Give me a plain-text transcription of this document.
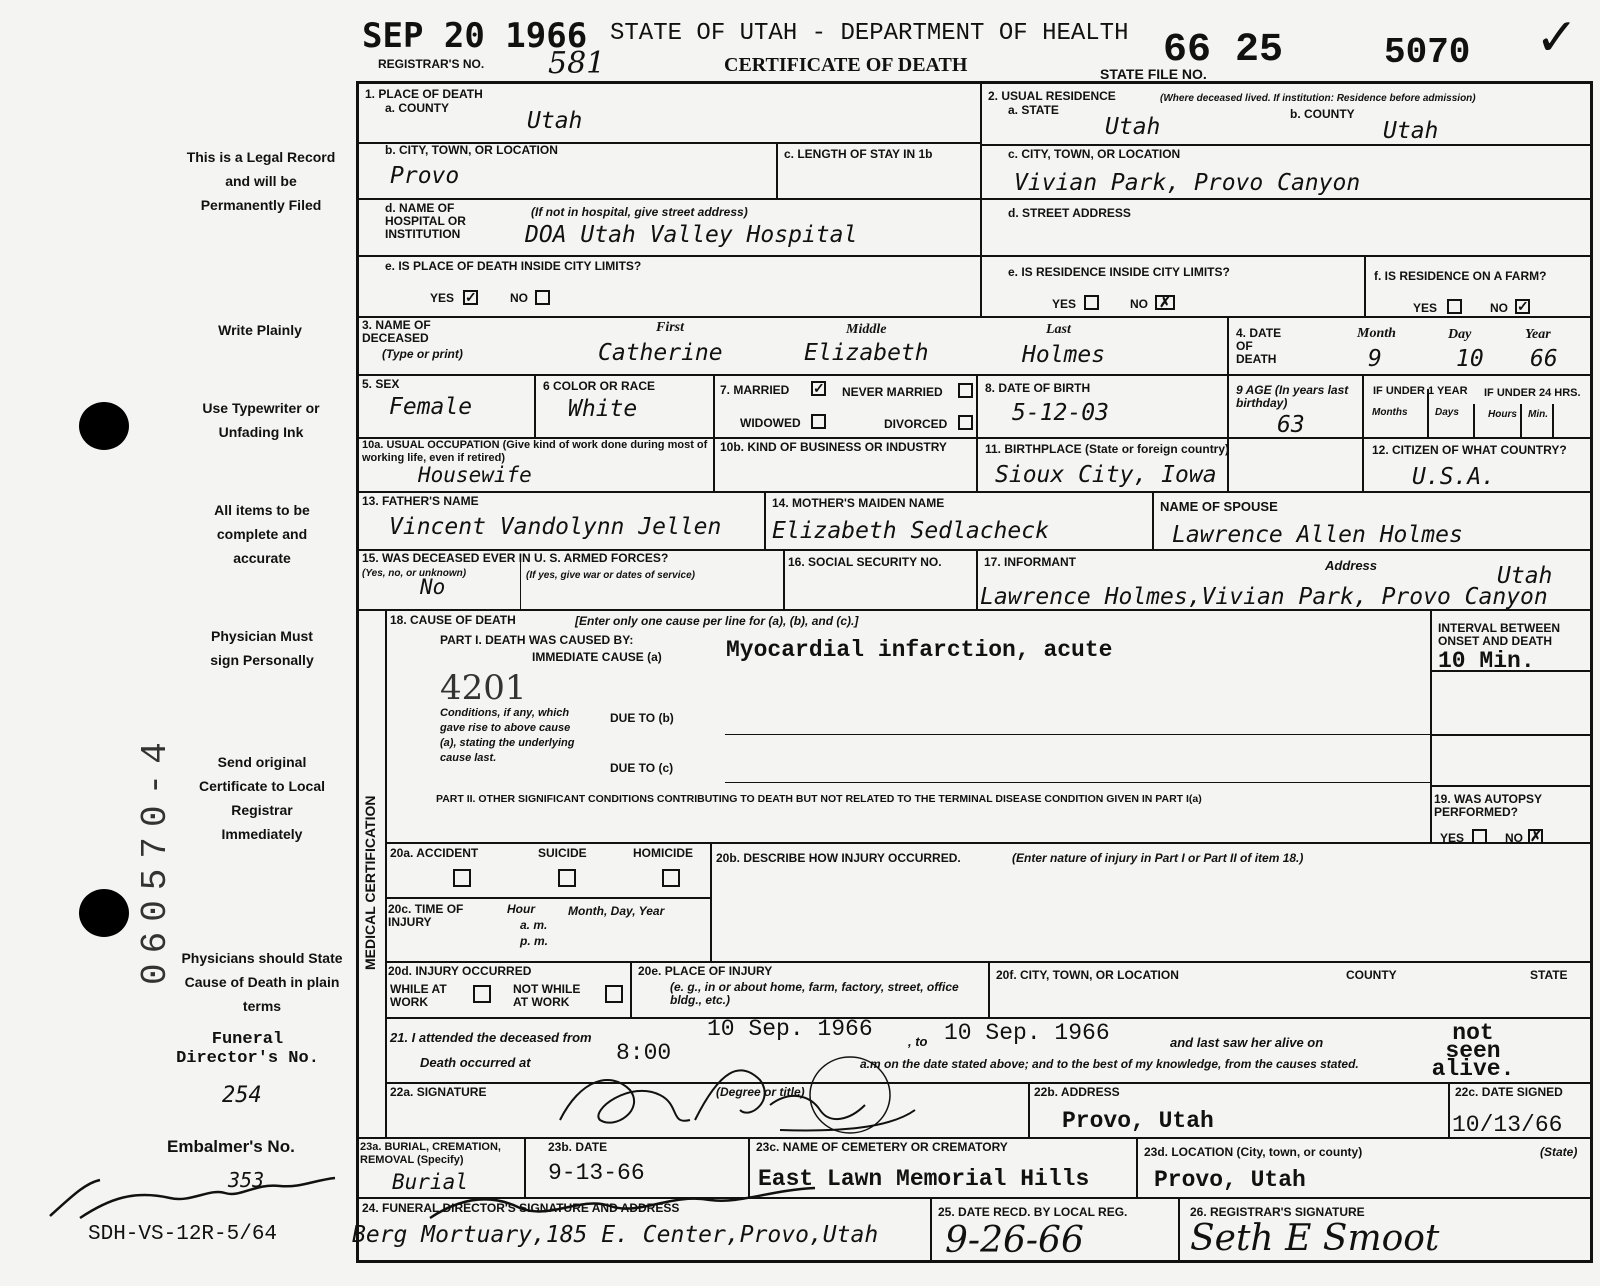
060570-4
SEP 20 1966
REGISTRAR'S NO. 581
STATE OF UTAH - DEPARTMENT OF HEALTH
CERTIFICATE OF DEATH	STATE FILE NO.
66 25	5070 ✓
This is a Legal Record and will be Permanently Filed
Write Plainly
Use Typewriter or Unfading Ink
All items to be complete and accurate
Physician Must sign Personally
Send original Certificate to Local Registrar Immediately
Physicians should State Cause of Death in plain terms
Funeral Director's No.
254
Embalmer's No.
353
SDH-VS-12R-5/64
MEDICAL CERTIFICATION
1. PLACE OF DEATH
a. COUNTY	Utah
b. CITY, TOWN, OR LOCATION
Provo
c. LENGTH OF STAY IN 1b
d. NAME OF HOSPITAL OR INSTITUTION
(If not in hospital, give street address)
DOA Utah Valley Hospital
e. IS PLACE OF DEATH INSIDE CITY LIMITS?
YES ✓	NO
2. USUAL RESIDENCE	(Where deceased lived. If institution: Residence before admission)
a. STATE
Utah	b. COUNTY
Utah
c. CITY, TOWN, OR LOCATION
Vivian Park, Provo Canyon
d. STREET ADDRESS
e. IS RESIDENCE INSIDE CITY LIMITS?
YES	NO ✗
f. IS RESIDENCE ON A FARM?
YES	NO ✓
3. NAME OF DECEASED
(Type or print)
First	Middle	Last
Catherine	Elizabeth	Holmes
4. DATE OF DEATH
Month	Day	Year
9	10 66
5. SEX
Female
6 COLOR OR RACE
White
7. MARRIED ✓ NEVER MARRIED
WIDOWED	DIVORCED
8. DATE OF BIRTH
5-12-03
9 AGE (In years last birthday)
63
IF UNDER 1 YEAR IF UNDER 24 HRS.
Months	Days	Hours Min.
10a. USUAL OCCUPATION (Give kind of work done during most of working life, even if retired)
Housewife
10b. KIND OF BUSINESS OR INDUSTRY	11. BIRTHPLACE (State or foreign country)
Sioux City, Iowa
12. CITIZEN OF WHAT COUNTRY?
U.S.A.
13. FATHER'S NAME
Vincent Vandolynn Jellen
14. MOTHER'S MAIDEN NAME
Elizabeth Sedlacheck
NAME OF SPOUSE
Lawrence Allen Holmes
15. WAS DECEASED EVER IN U. S. ARMED FORCES?
(Yes, no, or unknown)	(If yes, give war or dates of service)
No
16. SOCIAL SECURITY NO.	17. INFORMANT	Address	Utah
Lawrence Holmes,Vivian Park, Provo Canyon
18. CAUSE OF DEATH	[Enter only one cause per line for (a), (b), and (c).]
PART I. DEATH WAS CAUSED BY:
IMMEDIATE CAUSE (a)	Myocardial infarction, acute
INTERVAL BETWEEN ONSET AND DEATH
10 Min.
4201
Conditions, if any, which gave rise to above cause (a), stating the underlying cause last.
DUE TO (b)
DUE TO (c)
PART II. OTHER SIGNIFICANT CONDITIONS CONTRIBUTING TO DEATH BUT NOT RELATED TO THE TERMINAL DISEASE CONDITION GIVEN IN PART I(a)	19. WAS AUTOPSY PERFORMED?
YES	NO ✗
20a. ACCIDENT	SUICIDE	HOMICIDE 20b. DESCRIBE HOW INJURY OCCURRED.	(Enter nature of injury in Part I or Part II of item 18.)
20c. TIME OF INJURY
Hour
a. m.
p. m.
Month, Day, Year
20d. INJURY OCCURRED
WHILE AT WORK
NOT WHILE AT WORK
20e. PLACE OF INJURY
(e. g., in or about home, farm, factory, street, office bldg., etc.)
20f. CITY, TOWN, OR LOCATION	COUNTY	STATE
21. I attended the deceased from	10 Sep. 1966	, to 10 Sep. 1966	and last saw her alive on	not seen alive.
Death occurred at	8:00	a.m on the date stated above; and to the best of my knowledge, from the causes stated.
22a. SIGNATURE	(Degree or title)	22b. ADDRESS
Provo, Utah
22c. DATE SIGNED
10/13/66
23a. BURIAL, CREMATION, REMOVAL (Specify)
Burial
23b. DATE
9-13-66
23c. NAME OF CEMETERY OR CREMATORY
East Lawn Memorial Hills
23d. LOCATION (City, town, or county)	(State)
Provo, Utah
24. FUNERAL DIRECTOR'S SIGNATURE AND ADDRESS
Berg Mortuary,185 E. Center,Provo,Utah
25. DATE RECD. BY LOCAL REG.
9-26-66
26. REGISTRAR'S SIGNATURE
Seth E Smoot
